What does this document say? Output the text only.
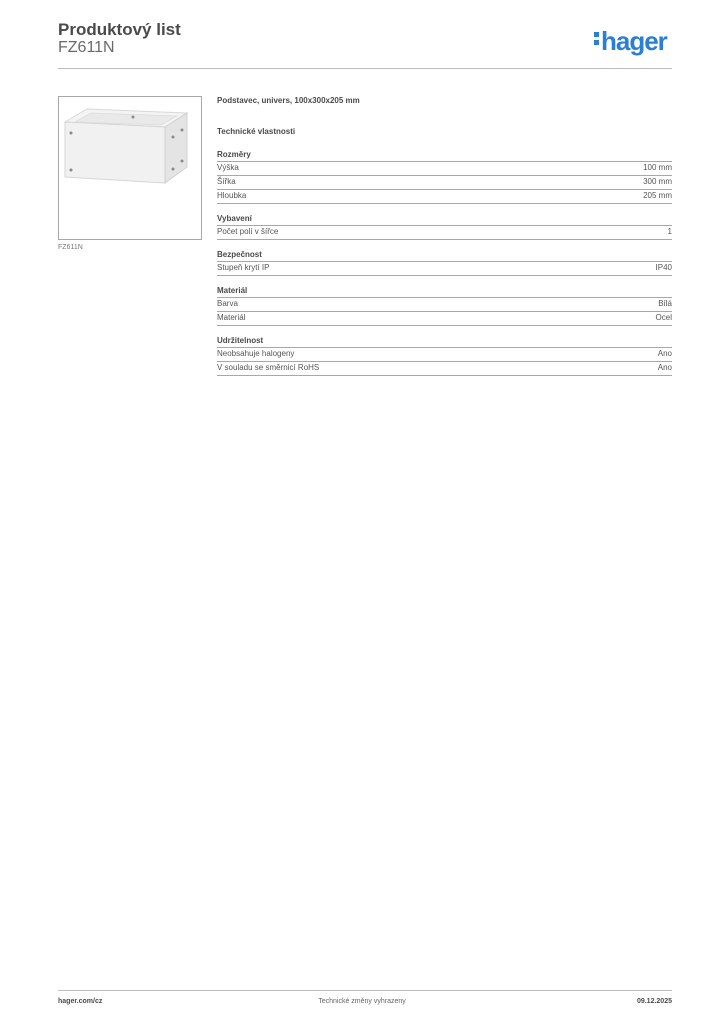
Produktový list
FZ611N	hager
FZ611N
Podstavec, univers, 100x300x205 mm
Technické vlastnosti
Rozměry
Výška	100 mm
Šířka	300 mm
Hloubka	205 mm
Vybavení
Počet polí v šířce	1
Bezpečnost
Stupeň krytí IP	IP40
Materiál
Barva	Bílá
Materiál	Ocel
Udržitelnost
Neobsahuje halogeny	Ano
V souladu se směrnicí RoHS	Ano
hager.com/cz	Technické změny vyhrazeny	09.12.2025
